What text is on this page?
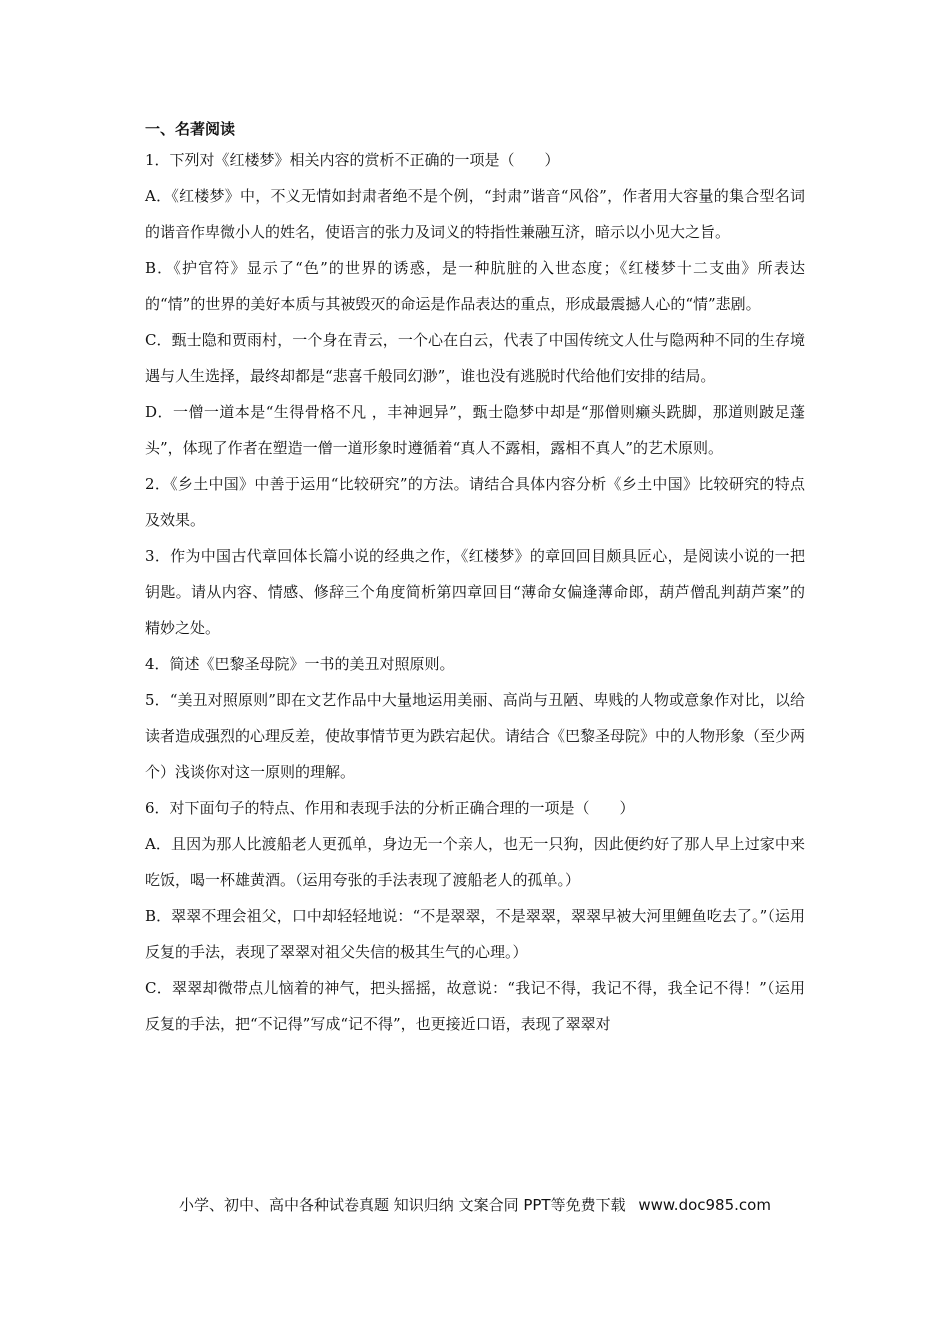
一、名著阅读

1．下列对《红楼梦》相关内容的赏析不正确的一项是（　　）

A．《红楼梦》中，不义无情如封肃者绝不是个例，“封肃”谐音“风俗”，作者用大容量的集合型名词的谐音作卑微小人的姓名，使语言的张力及词义的特指性兼融互济，暗示以小见大之旨。

B．《护官符》显示了“色”的世界的诱惑，是一种肮脏的入世态度；《红楼梦十二支曲》所表达的“情”的世界的美好本质与其被毁灭的命运是作品表达的重点，形成最震撼人心的“情”悲剧。

C．甄士隐和贾雨村，一个身在青云，一个心在白云，代表了中国传统文人仕与隐两种不同的生存境遇与人生选择，最终却都是“悲喜千般同幻渺”，谁也没有逃脱时代给他们安排的结局。

D．一僧一道本是“生得骨格不凡 ，丰神迥异”，甄士隐梦中却是“那僧则癞头跣脚，那道则跛足蓬头”，体现了作者在塑造一僧一道形象时遵循着“真人不露相，露相不真人”的艺术原则。

2．《乡土中国》中善于运用“比较研究”的方法。请结合具体内容分析《乡土中国》比较研究的特点及效果。

3．作为中国古代章回体长篇小说的经典之作，《红楼梦》的章回回目颇具匠心，是阅读小说的一把钥匙。请从内容、情感、修辞三个角度简析第四章回目“薄命女偏逢薄命郎，葫芦僧乱判葫芦案”的精妙之处。

4．简述《巴黎圣母院》一书的美丑对照原则。

5．“美丑对照原则”即在文艺作品中大量地运用美丽、高尚与丑陋、卑贱的人物或意象作对比，以给读者造成强烈的心理反差，使故事情节更为跌宕起伏。请结合《巴黎圣母院》中的人物形象（至少两个）浅谈你对这一原则的理解。

6．对下面句子的特点、作用和表现手法的分析正确合理的一项是（　　）

A．且因为那人比渡船老人更孤单，身边无一个亲人，也无一只狗，因此便约好了那人早上过家中来吃饭，喝一杯雄黄酒。（运用夸张的手法表现了渡船老人的孤单。）

B．翠翠不理会祖父，口中却轻轻地说：“不是翠翠，不是翠翠，翠翠早被大河里鲤鱼吃去了。”（运用反复的手法，表现了翠翠对祖父失信的极其生气的心理。）

C．翠翠却微带点儿恼着的神气，把头摇摇，故意说：“我记不得，我记不得，我全记不得！”（运用反复的手法，把“不记得”写成“记不得”，也更接近口语，表现了翠翠对

小学、初中、高中各种试卷真题 知识归纳 文案合同 PPT等免费下载 www.doc985.com
